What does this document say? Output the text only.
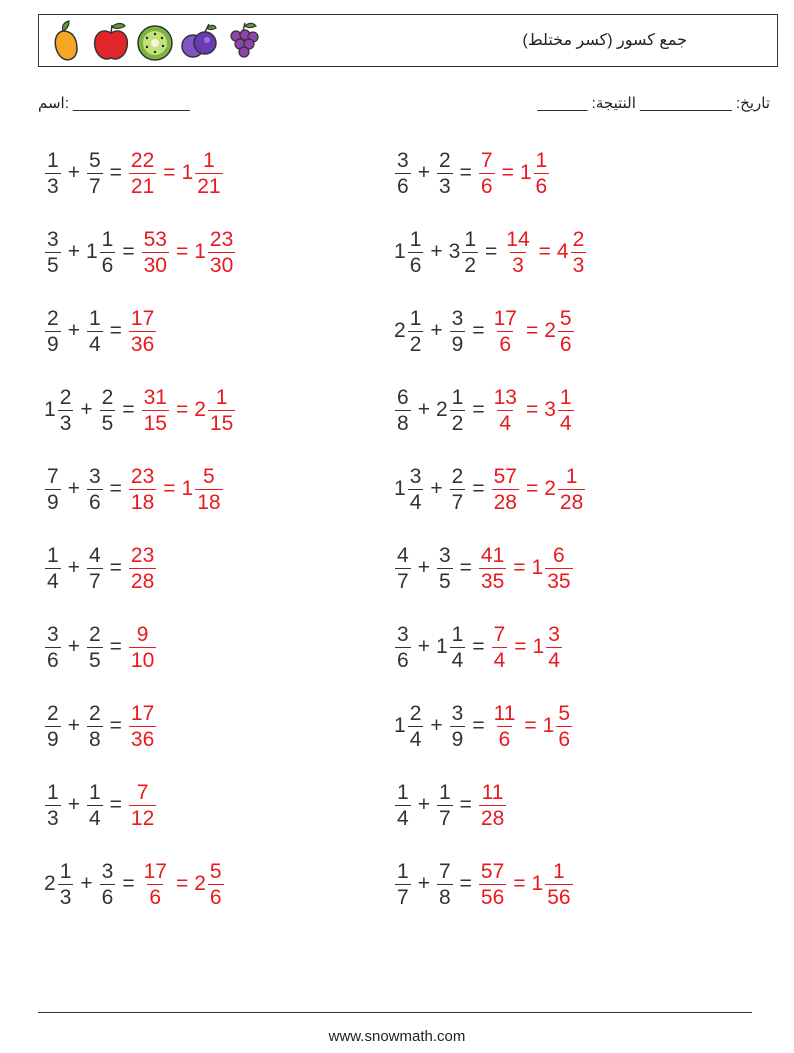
جمع كسور (كسر مختلط)
اسم: ______________	______ :تاريخ: ___________ النتيجة
$\frac{1}{3} + \frac{5}{7} = \frac{22}{21} = 1 \frac{1}{21}$
$\frac{3}{5} + 1 \frac{1}{6} = \frac{53}{30} = 1 \frac{23}{30}$
$\frac{2}{9} + \frac{1}{4} = \frac{17}{36}$
$1 \frac{2}{3} + \frac{2}{5} = \frac{31}{15} = 2 \frac{1}{15}$
$\frac{7}{9} + \frac{3}{6} = \frac{23}{18} = 1 \frac{5}{18}$
$\frac{1}{4} + \frac{4}{7} = \frac{23}{28}$
$\frac{3}{6} + \frac{2}{5} = \frac{9}{10}$
$\frac{2}{9} + \frac{2}{8} = \frac{17}{36}$
$\frac{1}{3} + \frac{1}{4} = \frac{7}{12}$
$2 \frac{1}{3} + \frac{3}{6} = \frac{17}{6} = 2 \frac{5}{6}$
$\frac{3}{6} + \frac{2}{3} = \frac{7}{6} = 1 \frac{1}{6}$
$1 \frac{1}{6} + 3 \frac{1}{2} = \frac{14}{3} = 4 \frac{2}{3}$
$2 \frac{1}{2} + \frac{3}{9} = \frac{17}{6} = 2 \frac{5}{6}$
$\frac{6}{8} + 2 \frac{1}{2} = \frac{13}{4} = 3 \frac{1}{4}$
$1 \frac{3}{4} + \frac{2}{7} = \frac{57}{28} = 2 \frac{1}{28}$
$\frac{4}{7} + \frac{3}{5} = \frac{41}{35} = 1 \frac{6}{35}$
$\frac{3}{6} + 1 \frac{1}{4} = \frac{7}{4} = 1 \frac{3}{4}$
$1 \frac{2}{4} + \frac{3}{9} = \frac{11}{6} = 1 \frac{5}{6}$
$\frac{1}{4} + \frac{1}{7} = \frac{11}{28}$
$\frac{1}{7} + \frac{7}{8} = \frac{57}{56} = 1 \frac{1}{56}$
www.snowmath.com
